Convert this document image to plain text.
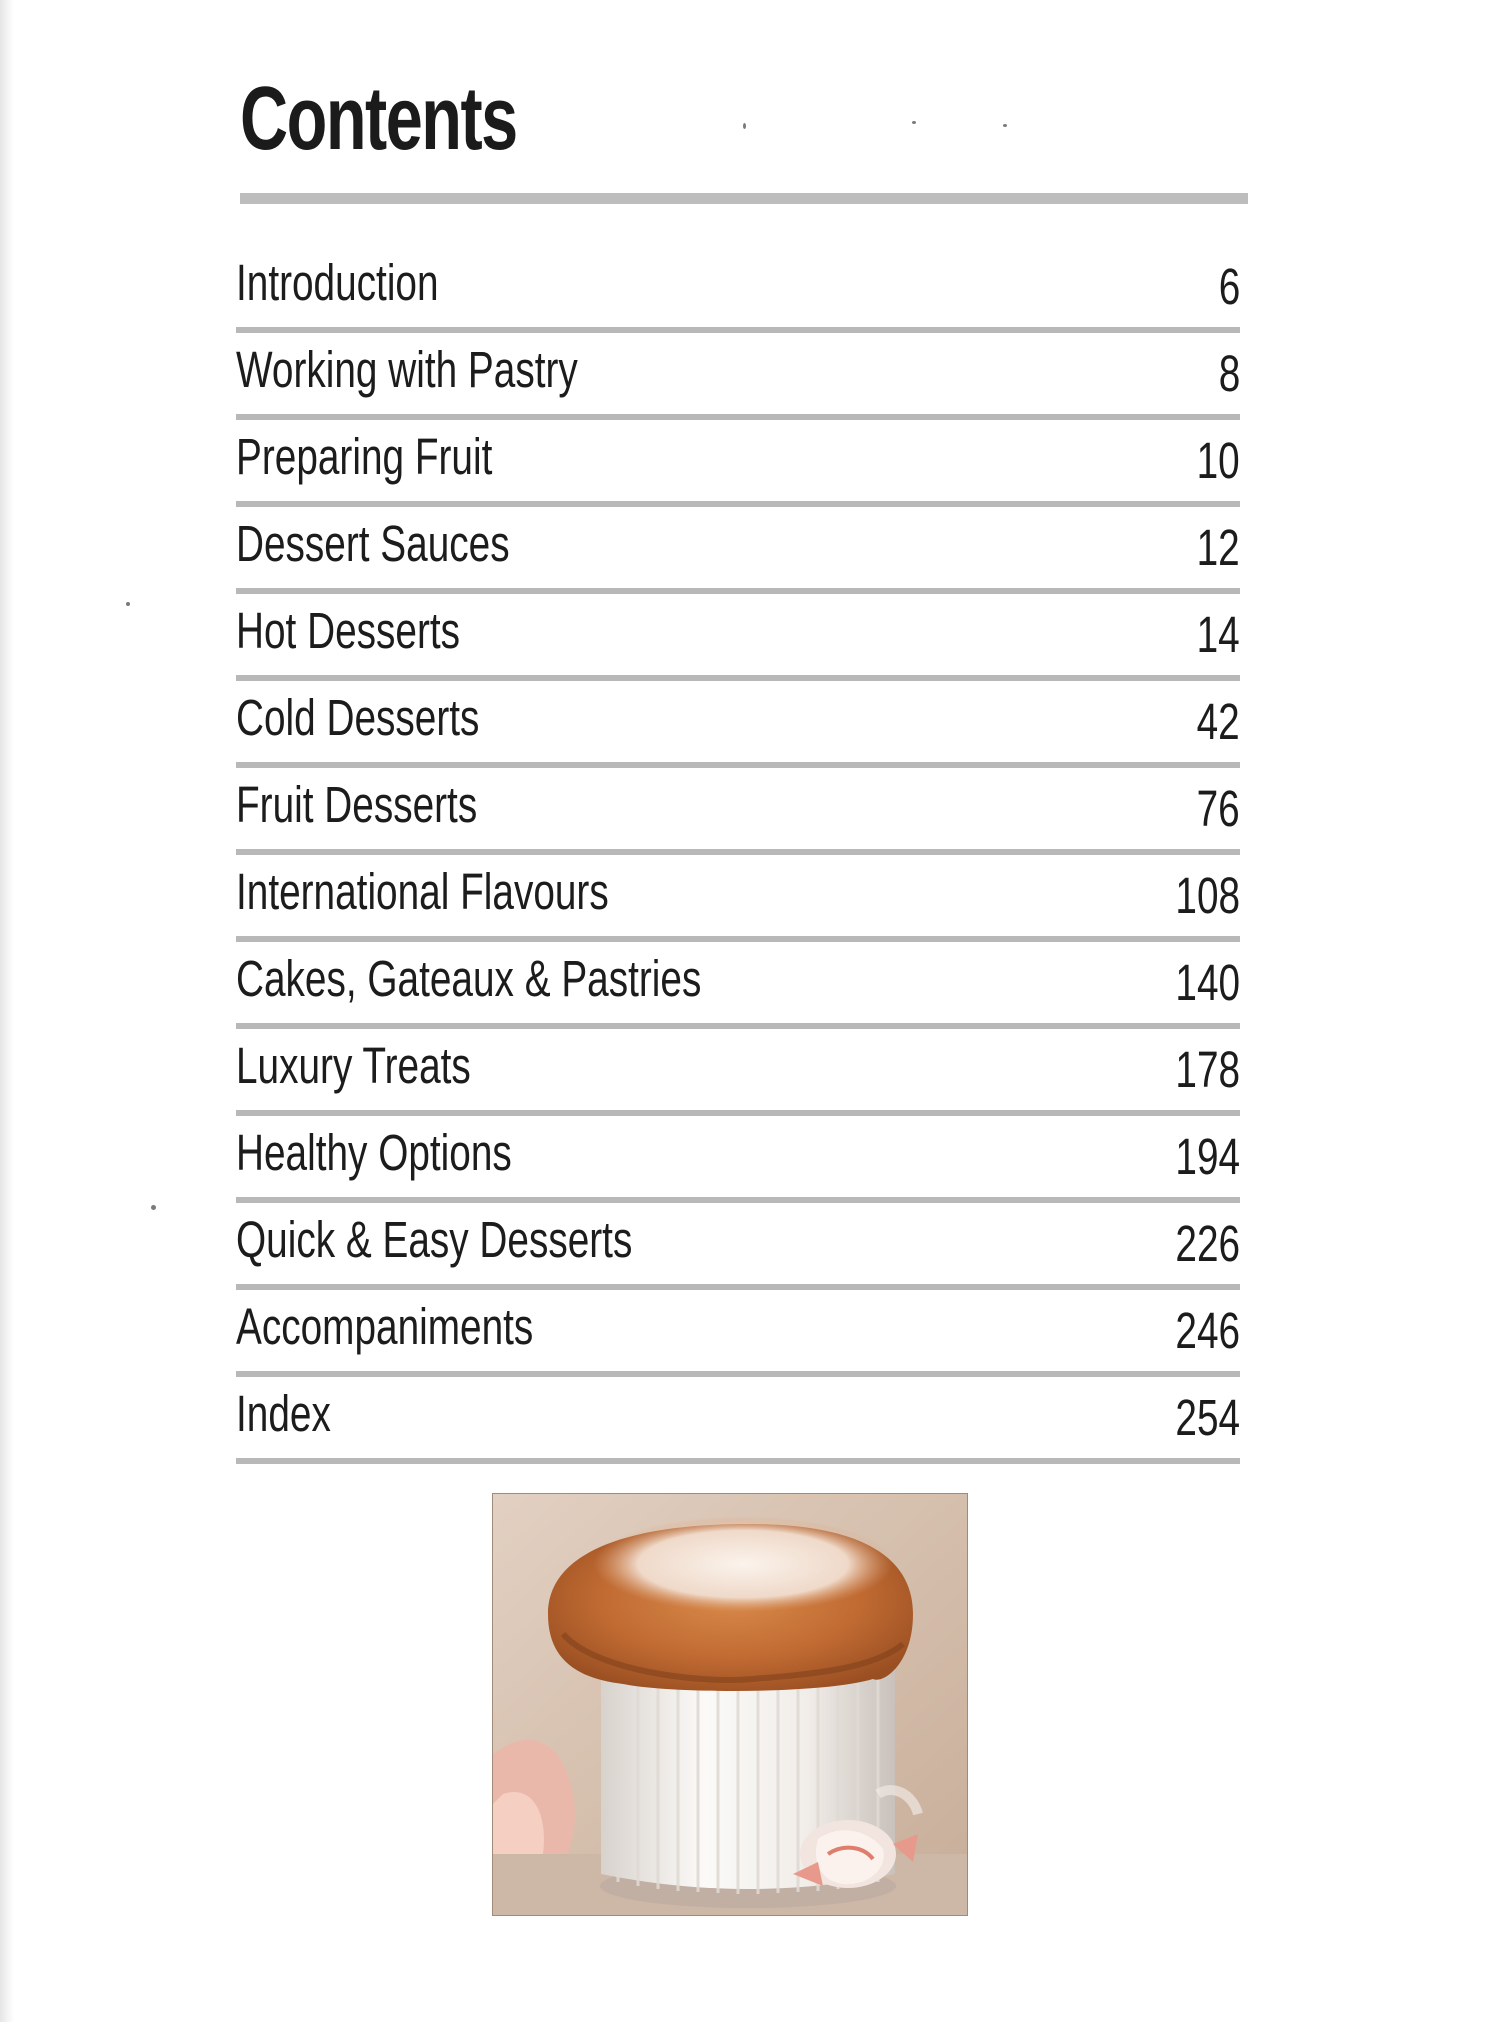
Contents
Introduction	6
Working with Pastry	8
Preparing Fruit	10
Dessert Sauces	12
Hot Desserts	14
Cold Desserts	42
Fruit Desserts	76
International Flavours	108
Cakes, Gateaux & Pastries	140
Luxury Treats	178
Healthy Options	194
Quick & Easy Desserts	226
Accompaniments	246
Index	254
